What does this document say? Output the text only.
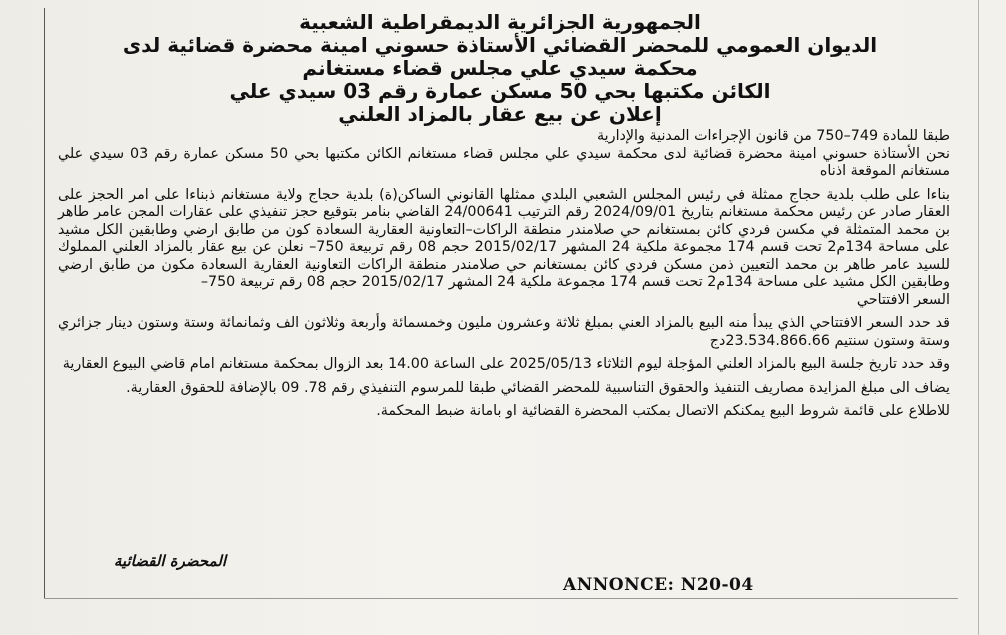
الجمهورية الجزائرية الديمقراطية الشعبية
الديوان العمومي للمحضر القضائي الأستاذة حسوني امينة محضرة قضائية لدى
محكمة سيدي علي مجلس قضاء مستغانم
الكائن مكتبها بحي 50 مسكن عمارة رقم 03 سيدي علي
إعلان عن بيع عقار بالمزاد العلني

طبقا للمادة 749–750 من قانون الإجراءات المدنية والإدارية

نحن الأستاذة حسوني امينة محضرة قضائية لدى محكمة سيدي علي مجلس قضاء مستغانم الكائن مكتبها بحي 50 مسكن عمارة رقم 03 سيدي علي مستغانم الموقعة اذناه

بناءا على طلب بلدية حجاج ممثلة في رئيس المجلس الشعبي البلدي ممثلها القانوني الساكن(ة) بلدية حجاج ولاية مستغانم ذبناءا على امر الحجز على العقار صادر عن رئيس محكمة مستغانم بتاريخ 2024/09/01 رقم الترتيب 24/00641 القاضي بنامر بتوقيع حجز تنفيذي على عقارات المجن عامر طاهر بن محمد المتمثلة في مكسن فردي كائن بمستغانم حي صلامندر منطقة الراكات–التعاونية العقارية السعادة كون من طابق ارضي وطابقين الكل مشيد على مساحة 134م2 تحت قسم 174 مجموعة ملكية 24 المشهر 2015/02/17 حجم 08 رقم تربيعة 750– نعلن عن بيع عقار بالمزاد العلني المملوك للسيد عامر طاهر بن محمد التعيين ذمن مسكن فردي كائن بمستغانم حي صلامندر منطقة الراكات التعاونية العقارية السعادة مكون من طابق ارضي وطابقين الكل مشيد على مساحة 134م2 تحت قسم 174 مجموعة ملكية 24 المشهر 2015/02/17 حجم 08 رقم تربيعة 750–

السعر الافتتاحي

قد حدد السعر الافتتاحي الذي يبدأ منه البيع بالمزاد العني بمبلغ ثلاثة وعشرون مليون وخمسمائة وأربعة وثلاثون الف وثمانمائة وستة وستون دينار جزائري وستة وستون سنتيم 23.534.866.66دج

وقد حدد تاريخ جلسة البيع بالمزاد العلني المؤجلة ليوم الثلاثاء 2025/05/13 على الساعة 14.00 بعد الزوال بمحكمة مستغانم امام قاضي البيوع العقارية

يضاف الى مبلغ المزايدة مصاريف التنفيذ والحقوق التناسبية للمحضر القضائي طبقا للمرسوم التنفيذي رقم 78. 09 بالإضافة للحقوق العقارية.

للاطلاع على قائمة شروط البيع يمكنكم الاتصال بمكتب المحضرة القضائية او بامانة ضبط المحكمة.

المحضرة القضائية
ANNONCE: N20-04
